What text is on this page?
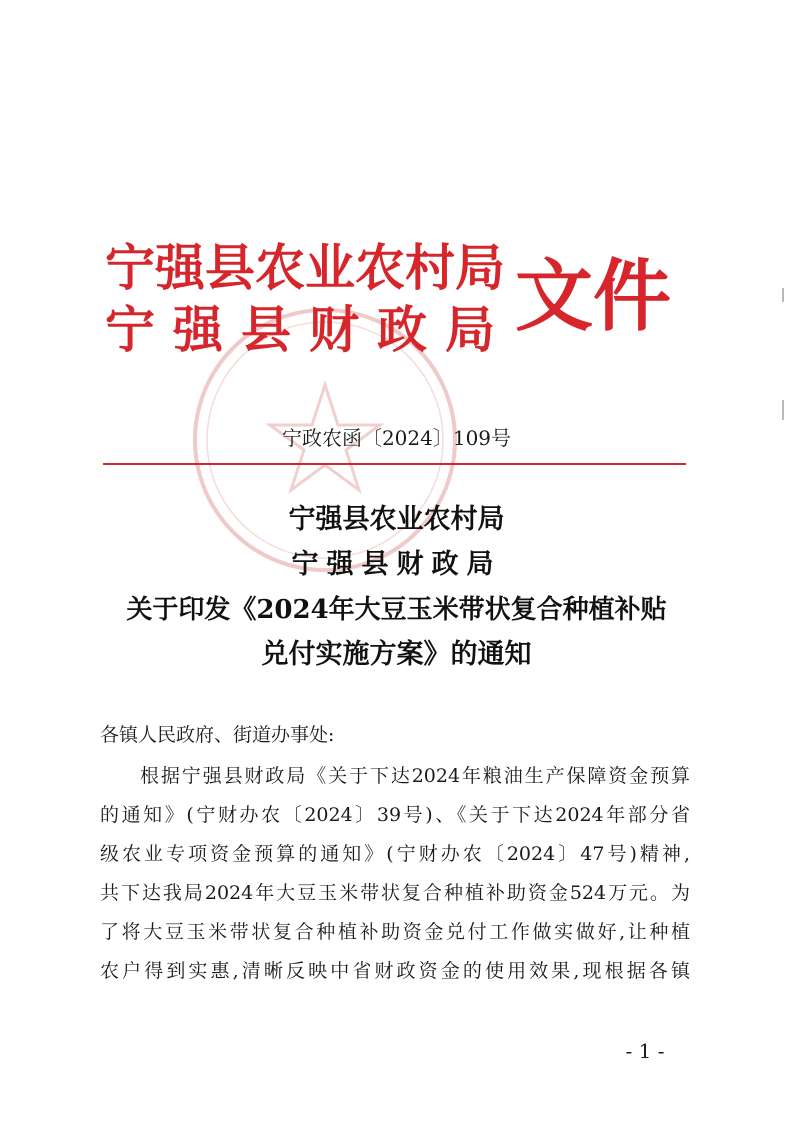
宁强县农业农村局
宁强县财政局 文件
宁政农函〔2024〕109号
宁强县农业农村局
宁强县财政局
关于印发《2024年大豆玉米带状复合种植补贴
兑付实施方案》的通知
各镇人民政府、街道办事处:
根据宁强县财政局《关于下达2024年粮油生产保障资金预算
的通知》(宁财办农〔2024〕39号)、《关于下达2024年部分省
级农业专项资金预算的通知》(宁财办农〔2024〕47号)精神,
共下达我局2024年大豆玉米带状复合种植补助资金524万元。为
了将大豆玉米带状复合种植补助资金兑付工作做实做好,让种植
农户得到实惠,清晰反映中省财政资金的使用效果,现根据各镇
- 1 -
